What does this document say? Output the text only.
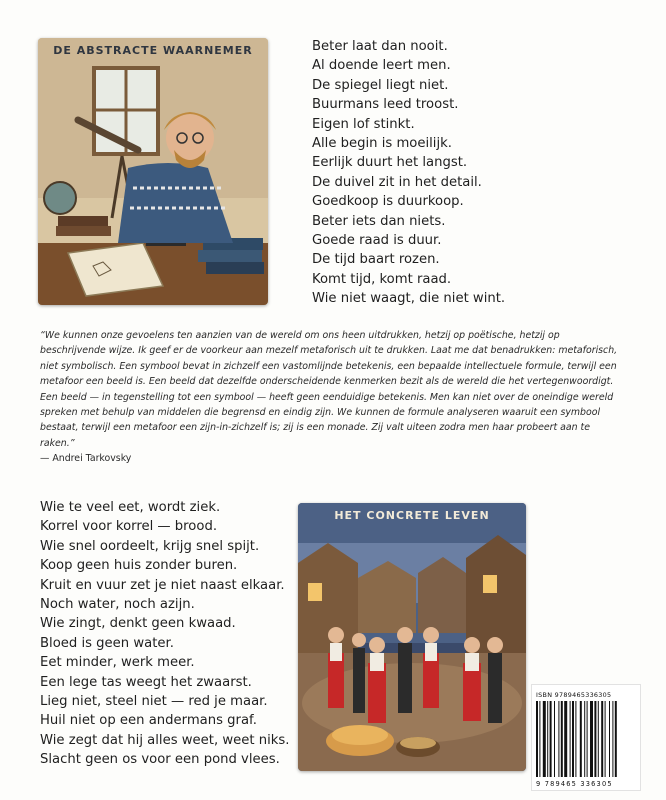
DE ABSTRACTE WAARNEMER	Beter laat dan nooit.
Al doende leert men.
De spiegel liegt niet.
Buurmans leed troost.
Eigen lof stinkt.
Alle begin is moeilijk.
Eerlijk duurt het langst.
De duivel zit in het detail.
Goedkoop is duurkoop.
Beter iets dan niets.
Goede raad is duur.
De tijd baart rozen.
Komt tijd, komt raad.
Wie niet waagt, die niet wint.

“We kunnen onze gevoelens ten aanzien van de wereld om ons heen uitdrukken, hetzij op poëtische, hetzij op beschrijvende wijze. Ik geef er de voorkeur aan mezelf metaforisch uit te drukken. Laat me dat benadrukken: metaforisch, niet symbolisch. Een symbool bevat in zichzelf een vastomlijnde betekenis, een bepaalde intellectuele formule, terwijl een metafoor een beeld is. Een beeld dat dezelfde onderscheidende kenmerken bezit als de wereld die het vertegenwoordigt. Een beeld — in tegenstelling tot een symbool — heeft geen eenduidige betekenis. Men kan niet over de oneindige wereld spreken met behulp van middelen die begrensd en eindig zijn. We kunnen de formule analyseren waaruit een symbool bestaat, terwijl een metafoor een zijn-in-zichzelf is; zij is een monade. Zij valt uiteen zodra men haar probeert aan te raken.”

— Andrei Tarkovsky

Wie te veel eet, wordt ziek.
Korrel voor korrel — brood.
Wie snel oordeelt, krijg snel spijt.
Koop geen huis zonder buren.
Kruit en vuur zet je niet naast elkaar.
Noch water, noch azijn.
Wie zingt, denkt geen kwaad.
Bloed is geen water.
Eet minder, werk meer.
Een lege tas weegt het zwaarst.
Lieg niet, steel niet — red je maar.
Huil niet op een andermans graf.
Wie zegt dat hij alles weet, weet niks.
Slacht geen os voor een pond vlees.
HET CONCRETE LEVEN
ISBN 9789465336305
9 789465 336305
